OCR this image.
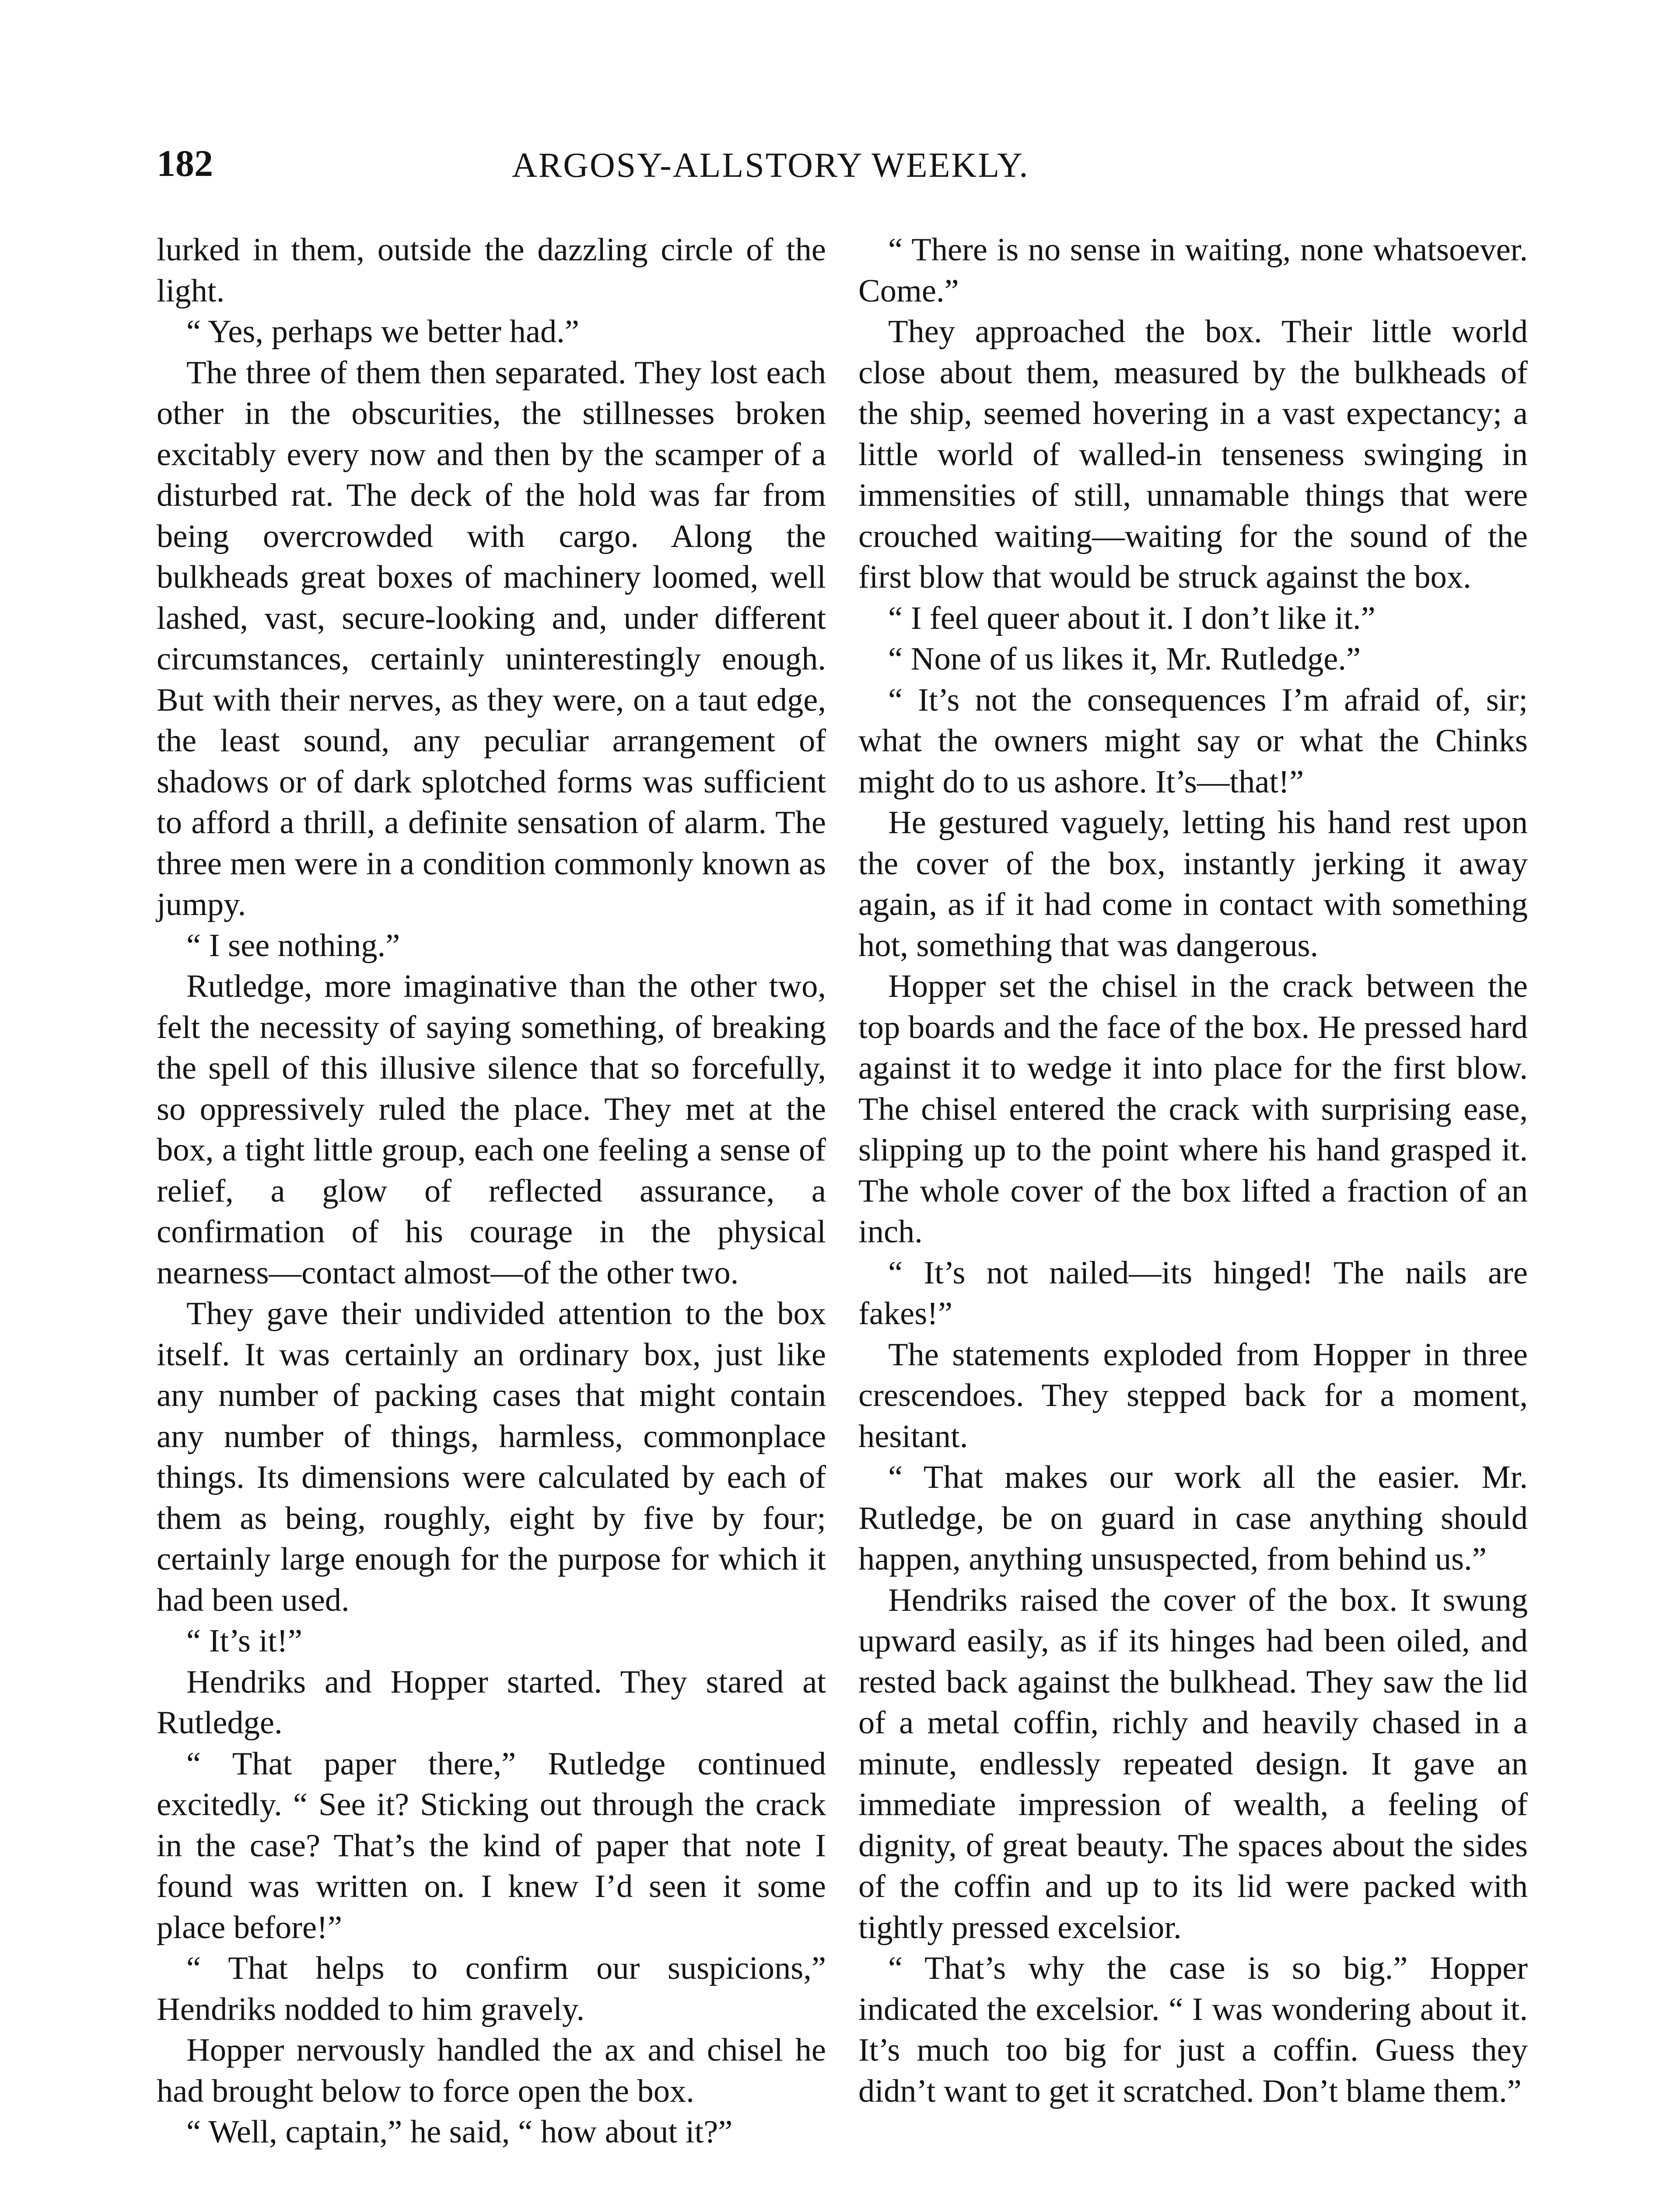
182	ARGOSY-ALLSTORY WEEKLY.

lurked in them, outside the dazzling circle of the light.

“ Yes, perhaps we better had.”

The three of them then separated. They lost each other in the obscurities, the stillnesses broken excitably every now and then by the scamper of a disturbed rat. The deck of the hold was far from being overcrowded with cargo. Along the bulkheads great boxes of machinery loomed, well lashed, vast, secure-looking and, under different circumstances, certainly uninterestingly enough. But with their nerves, as they were, on a taut edge, the least sound, any peculiar arrangement of shadows or of dark splotched forms was sufficient to afford a thrill, a definite sensation of alarm. The three men were in a condition commonly known as jumpy.

“ I see nothing.”

Rutledge, more imaginative than the other two, felt the necessity of saying something, of breaking the spell of this illusive silence that so forcefully, so oppressively ruled the place. They met at the box, a tight little group, each one feeling a sense of relief, a glow of reflected assurance, a confirmation of his courage in the physical nearness—contact almost—of the other two.

They gave their undivided attention to the box itself. It was certainly an ordinary box, just like any number of packing cases that might contain any number of things, harmless, commonplace things. Its dimensions were calculated by each of them as being, roughly, eight by five by four; certainly large enough for the purpose for which it had been used.

“ It’s it!”

Hendriks and Hopper started. They stared at Rutledge.

“ That paper there,” Rutledge continued excitedly. “ See it? Sticking out through the crack in the case? That’s the kind of paper that note I found was written on. I knew I’d seen it some place before!”

“ That helps to confirm our suspicions,” Hendriks nodded to him gravely.

Hopper nervously handled the ax and chisel he had brought below to force open the box.

“ Well, captain,” he said, “ how about it?”

“ There is no sense in waiting, none whatsoever. Come.”

They approached the box. Their little world close about them, measured by the bulkheads of the ship, seemed hovering in a vast expectancy; a little world of walled-in tenseness swinging in immensities of still, unnamable things that were crouched waiting—waiting for the sound of the first blow that would be struck against the box.

“ I feel queer about it. I don’t like it.”

“ None of us likes it, Mr. Rutledge.”

“ It’s not the consequences I’m afraid of, sir; what the owners might say or what the Chinks might do to us ashore. It’s—that!”

He gestured vaguely, letting his hand rest upon the cover of the box, instantly jerking it away again, as if it had come in contact with something hot, something that was dangerous.

Hopper set the chisel in the crack between the top boards and the face of the box. He pressed hard against it to wedge it into place for the first blow. The chisel entered the crack with surprising ease, slipping up to the point where his hand grasped it. The whole cover of the box lifted a fraction of an inch.

“ It’s not nailed—its hinged! The nails are fakes!”

The statements exploded from Hopper in three crescendoes. They stepped back for a moment, hesitant.

“ That makes our work all the easier. Mr. Rutledge, be on guard in case anything should happen, anything unsuspected, from behind us.”

Hendriks raised the cover of the box. It swung upward easily, as if its hinges had been oiled, and rested back against the bulkhead. They saw the lid of a metal coffin, richly and heavily chased in a minute, endlessly repeated design. It gave an immediate impression of wealth, a feeling of dignity, of great beauty. The spaces about the sides of the coffin and up to its lid were packed with tightly pressed excelsior.

“ That’s why the case is so big.” Hopper indicated the excelsior. “ I was wondering about it. It’s much too big for just a coffin. Guess they didn’t want to get it scratched. Don’t blame them.”
